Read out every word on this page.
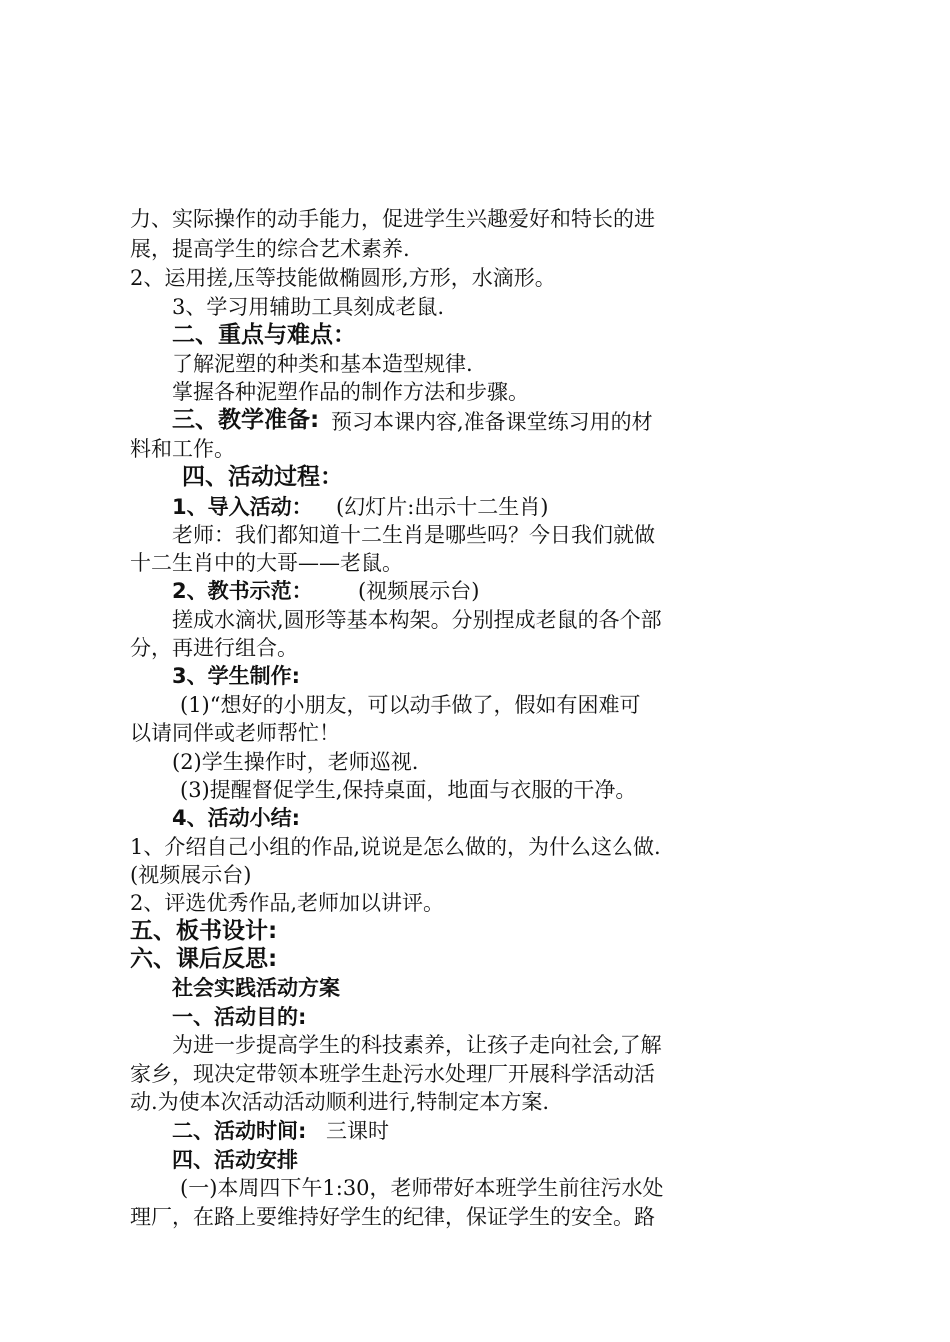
力、实际操作的动手能力，促进学生兴趣爱好和特长的进
展，提高学生的综合艺术素养.
2、运用搓,压等技能做椭圆形,方形，水滴形。
3、学习用辅助工具刻成老鼠.
二、重点与难点：
了解泥塑的种类和基本造型规律.
掌握各种泥塑作品的制作方法和步骤。
三、教学准备: 预习本课内容,准备课堂练习用的材
料和工作。
四、活动过程：
1、导入活动： (幻灯片:出示十二生肖)
老师：我们都知道十二生肖是哪些吗？今日我们就做
十二生肖中的大哥——老鼠。
2、教书示范： (视频展示台)
搓成水滴状,圆形等基本构架。分别捏成老鼠的各个部
分，再进行组合。
3、学生制作:
(1)“想好的小朋友，可以动手做了，假如有困难可
以请同伴或老师帮忙！
(2)学生操作时，老师巡视.
(3)提醒督促学生,保持桌面，地面与衣服的干净。
4、活动小结:
1、介绍自己小组的作品,说说是怎么做的，为什么这么做.
(视频展示台)
2、评选优秀作品,老师加以讲评。
五、板书设计:
六、课后反思:
社会实践活动方案
一、活动目的:
为进一步提高学生的科技素养，让孩子走向社会,了解
家乡，现决定带领本班学生赴污水处理厂开展科学活动活
动.为使本次活动活动顺利进行,特制定本方案.
二、活动时间: 三课时
四、活动安排
(一)本周四下午1:30，老师带好本班学生前往污水处
理厂，在路上要维持好学生的纪律，保证学生的安全。路
